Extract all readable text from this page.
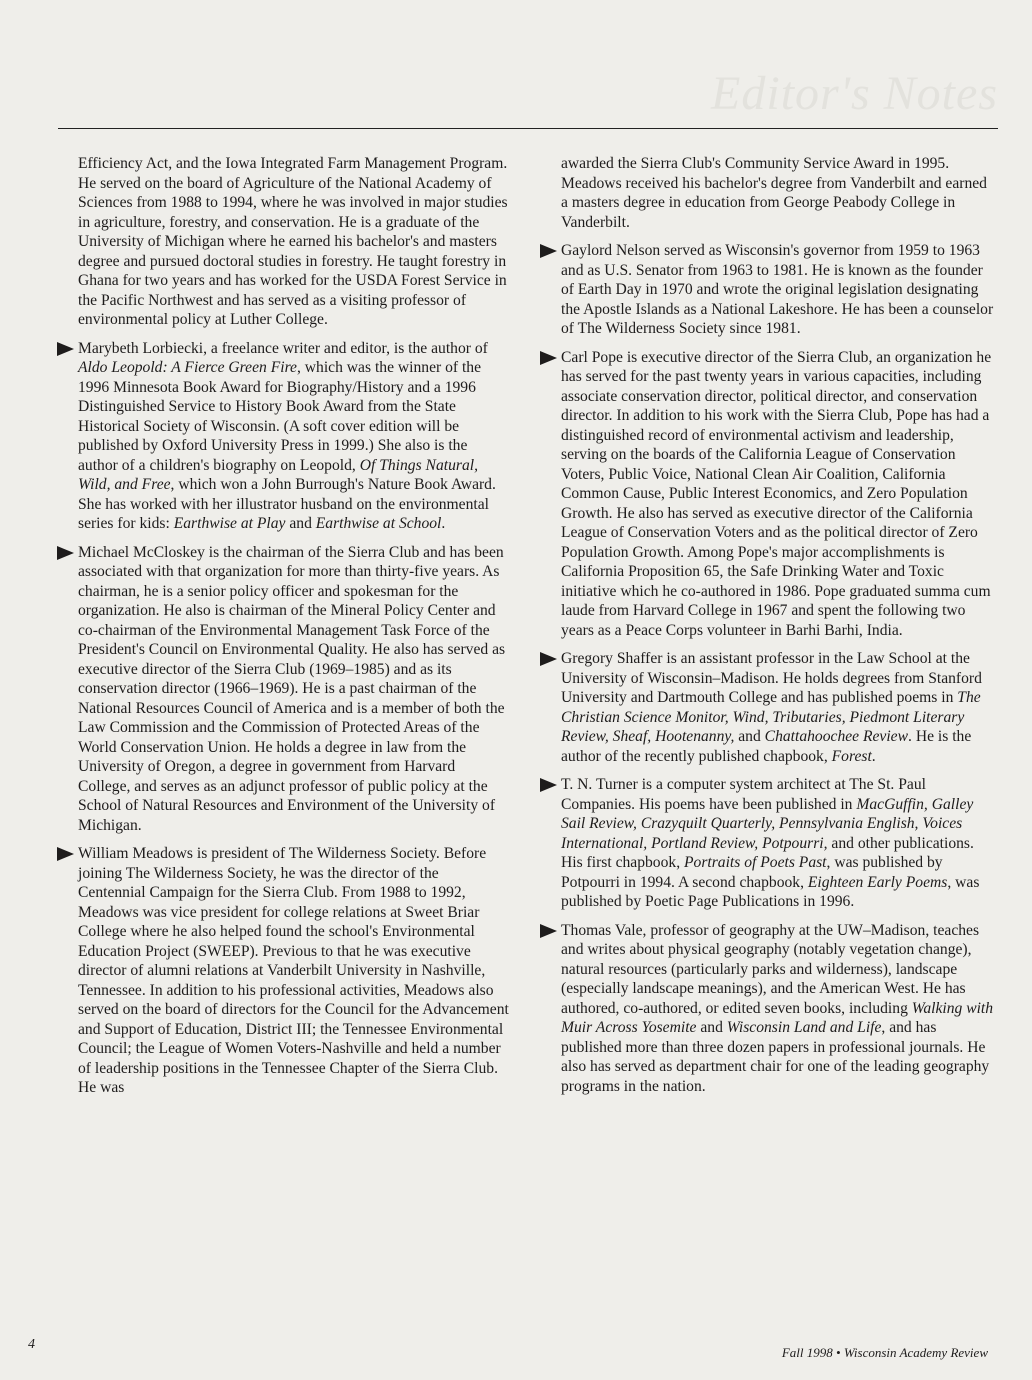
Editor's Notes

Efficiency Act, and the Iowa Integrated Farm Management Program. He served on the board of Agriculture of the National Academy of Sciences from 1988 to 1994, where he was involved in major studies in agriculture, forestry, and conservation. He is a graduate of the University of Michigan where he earned his bachelor's and masters degree and pursued doctoral studies in forestry. He taught forestry in Ghana for two years and has worked for the USDA Forest Service in the Pacific Northwest and has served as a visiting professor of environmental policy at Luther College.

Marybeth Lorbiecki, a freelance writer and editor, is the author of Aldo Leopold: A Fierce Green Fire, which was the winner of the 1996 Minnesota Book Award for Biography/History and a 1996 Distinguished Service to History Book Award from the State Historical Society of Wisconsin. (A soft cover edition will be published by Oxford University Press in 1999.) She also is the author of a children's biography on Leopold, Of Things Natural, Wild, and Free, which won a John Burrough's Nature Book Award. She has worked with her illustrator husband on the environmental series for kids: Earthwise at Play and Earthwise at School.

Michael McCloskey is the chairman of the Sierra Club and has been associated with that organization for more than thirty-five years. As chairman, he is a senior policy officer and spokesman for the organization. He also is chairman of the Mineral Policy Center and co-chairman of the Environmental Management Task Force of the President's Council on Environmental Quality. He also has served as executive director of the Sierra Club (1969–1985) and as its conservation director (1966–1969). He is a past chairman of the National Resources Council of America and is a member of both the Law Commission and the Commission of Protected Areas of the World Conservation Union. He holds a degree in law from the University of Oregon, a degree in government from Harvard College, and serves as an adjunct professor of public policy at the School of Natural Resources and Environment of the University of Michigan.

William Meadows is president of The Wilderness Society. Before joining The Wilderness Society, he was the director of the Centennial Campaign for the Sierra Club. From 1988 to 1992, Meadows was vice president for college relations at Sweet Briar College where he also helped found the school's Environmental Education Project (SWEEP). Previous to that he was executive director of alumni relations at Vanderbilt University in Nashville, Tennessee. In addition to his professional activities, Meadows also served on the board of directors for the Council for the Advancement and Support of Education, District III; the Tennessee Environmental Council; the League of Women Voters-Nashville and held a number of leadership positions in the Tennessee Chapter of the Sierra Club. He was

awarded the Sierra Club's Community Service Award in 1995. Meadows received his bachelor's degree from Vanderbilt and earned a masters degree in education from George Peabody College in Vanderbilt.

Gaylord Nelson served as Wisconsin's governor from 1959 to 1963 and as U.S. Senator from 1963 to 1981. He is known as the founder of Earth Day in 1970 and wrote the original legislation designating the Apostle Islands as a National Lakeshore. He has been a counselor of The Wilderness Society since 1981.

Carl Pope is executive director of the Sierra Club, an organization he has served for the past twenty years in various capacities, including associate conservation director, political director, and conservation director. In addition to his work with the Sierra Club, Pope has had a distinguished record of environmental activism and leadership, serving on the boards of the California League of Conservation Voters, Public Voice, National Clean Air Coalition, California Common Cause, Public Interest Economics, and Zero Population Growth. He also has served as executive director of the California League of Conservation Voters and as the political director of Zero Population Growth. Among Pope's major accomplishments is California Proposition 65, the Safe Drinking Water and Toxic initiative which he co-authored in 1986. Pope graduated summa cum laude from Harvard College in 1967 and spent the following two years as a Peace Corps volunteer in Barhi Barhi, India.

Gregory Shaffer is an assistant professor in the Law School at the University of Wisconsin–Madison. He holds degrees from Stanford University and Dartmouth College and has published poems in The Christian Science Monitor, Wind, Tributaries, Piedmont Literary Review, Sheaf, Hootenanny, and Chattahoochee Review. He is the author of the recently published chapbook, Forest.

T. N. Turner is a computer system architect at The St. Paul Companies. His poems have been published in MacGuffin, Galley Sail Review, Crazyquilt Quarterly, Pennsylvania English, Voices International, Portland Review, Potpourri, and other publications. His first chapbook, Portraits of Poets Past, was published by Potpourri in 1994. A second chapbook, Eighteen Early Poems, was published by Poetic Page Publications in 1996.

Thomas Vale, professor of geography at the UW–Madison, teaches and writes about physical geography (notably vegetation change), natural resources (particularly parks and wilderness), landscape (especially landscape meanings), and the American West. He has authored, co-authored, or edited seven books, including Walking with Muir Across Yosemite and Wisconsin Land and Life, and has published more than three dozen papers in professional journals. He also has served as department chair for one of the leading geography programs in the nation.

4
Fall 1998 • Wisconsin Academy Review
